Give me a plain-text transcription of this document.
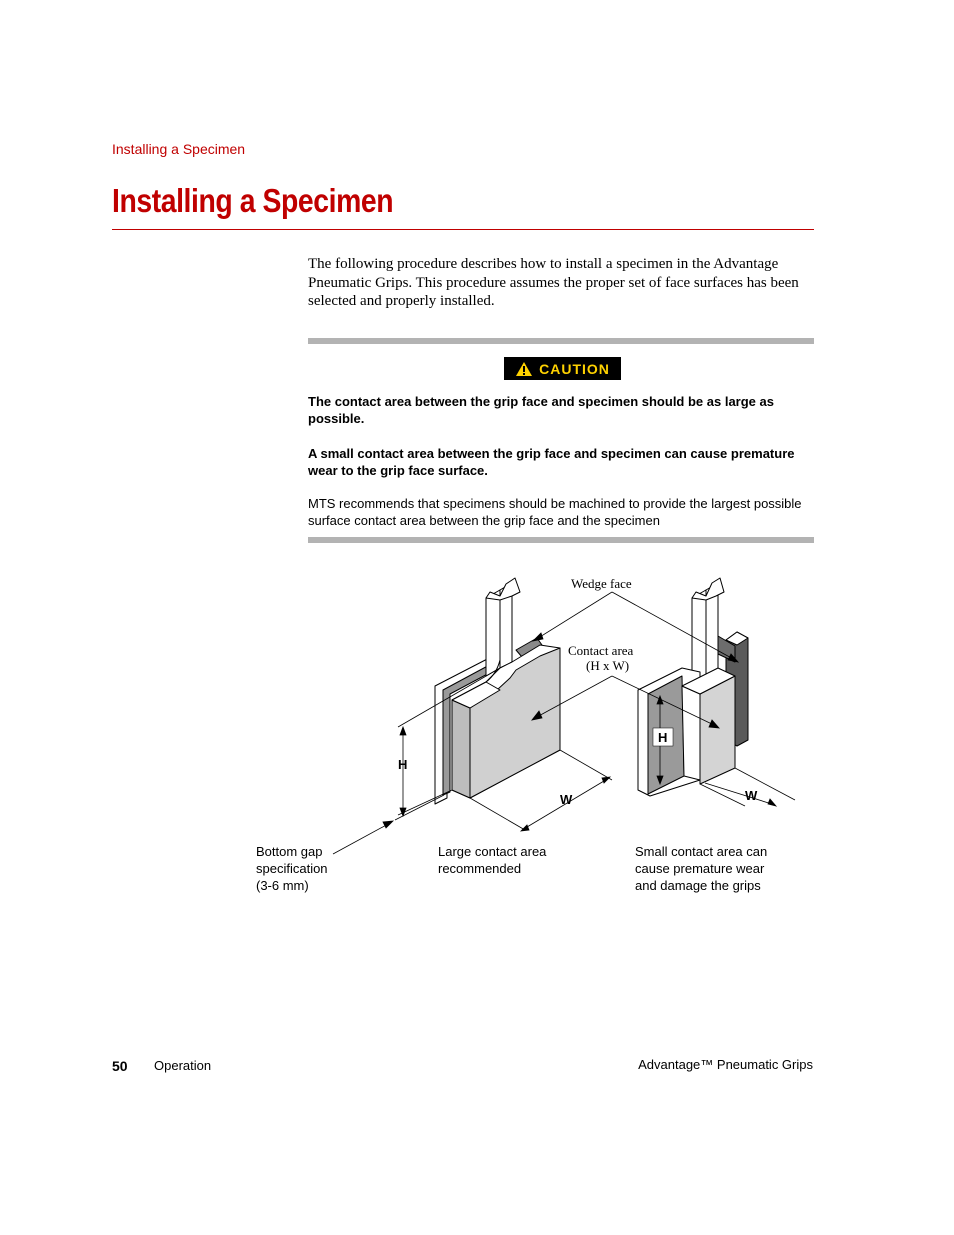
Installing a Specimen
Installing a Specimen

The following procedure describes how to install a specimen in the Advantage Pneumatic Grips. This procedure assumes the proper set of face surfaces has been selected and properly installed.

CAUTION

The contact area between the grip face and specimen should be as large as possible.

A small contact area between the grip face and specimen can cause premature wear to the grip face surface.

MTS recommends that specimens should be machined to provide the largest possible surface contact area between the grip face and the specimen

H
H
W	W
Wedge face
Contact area
(H x W)
Bottom gap
specification
(3-6 mm)
Large contact area
recommended
Small contact area can
cause premature wear
and damage the grips
50 Operation	Advantage™ Pneumatic Grips
